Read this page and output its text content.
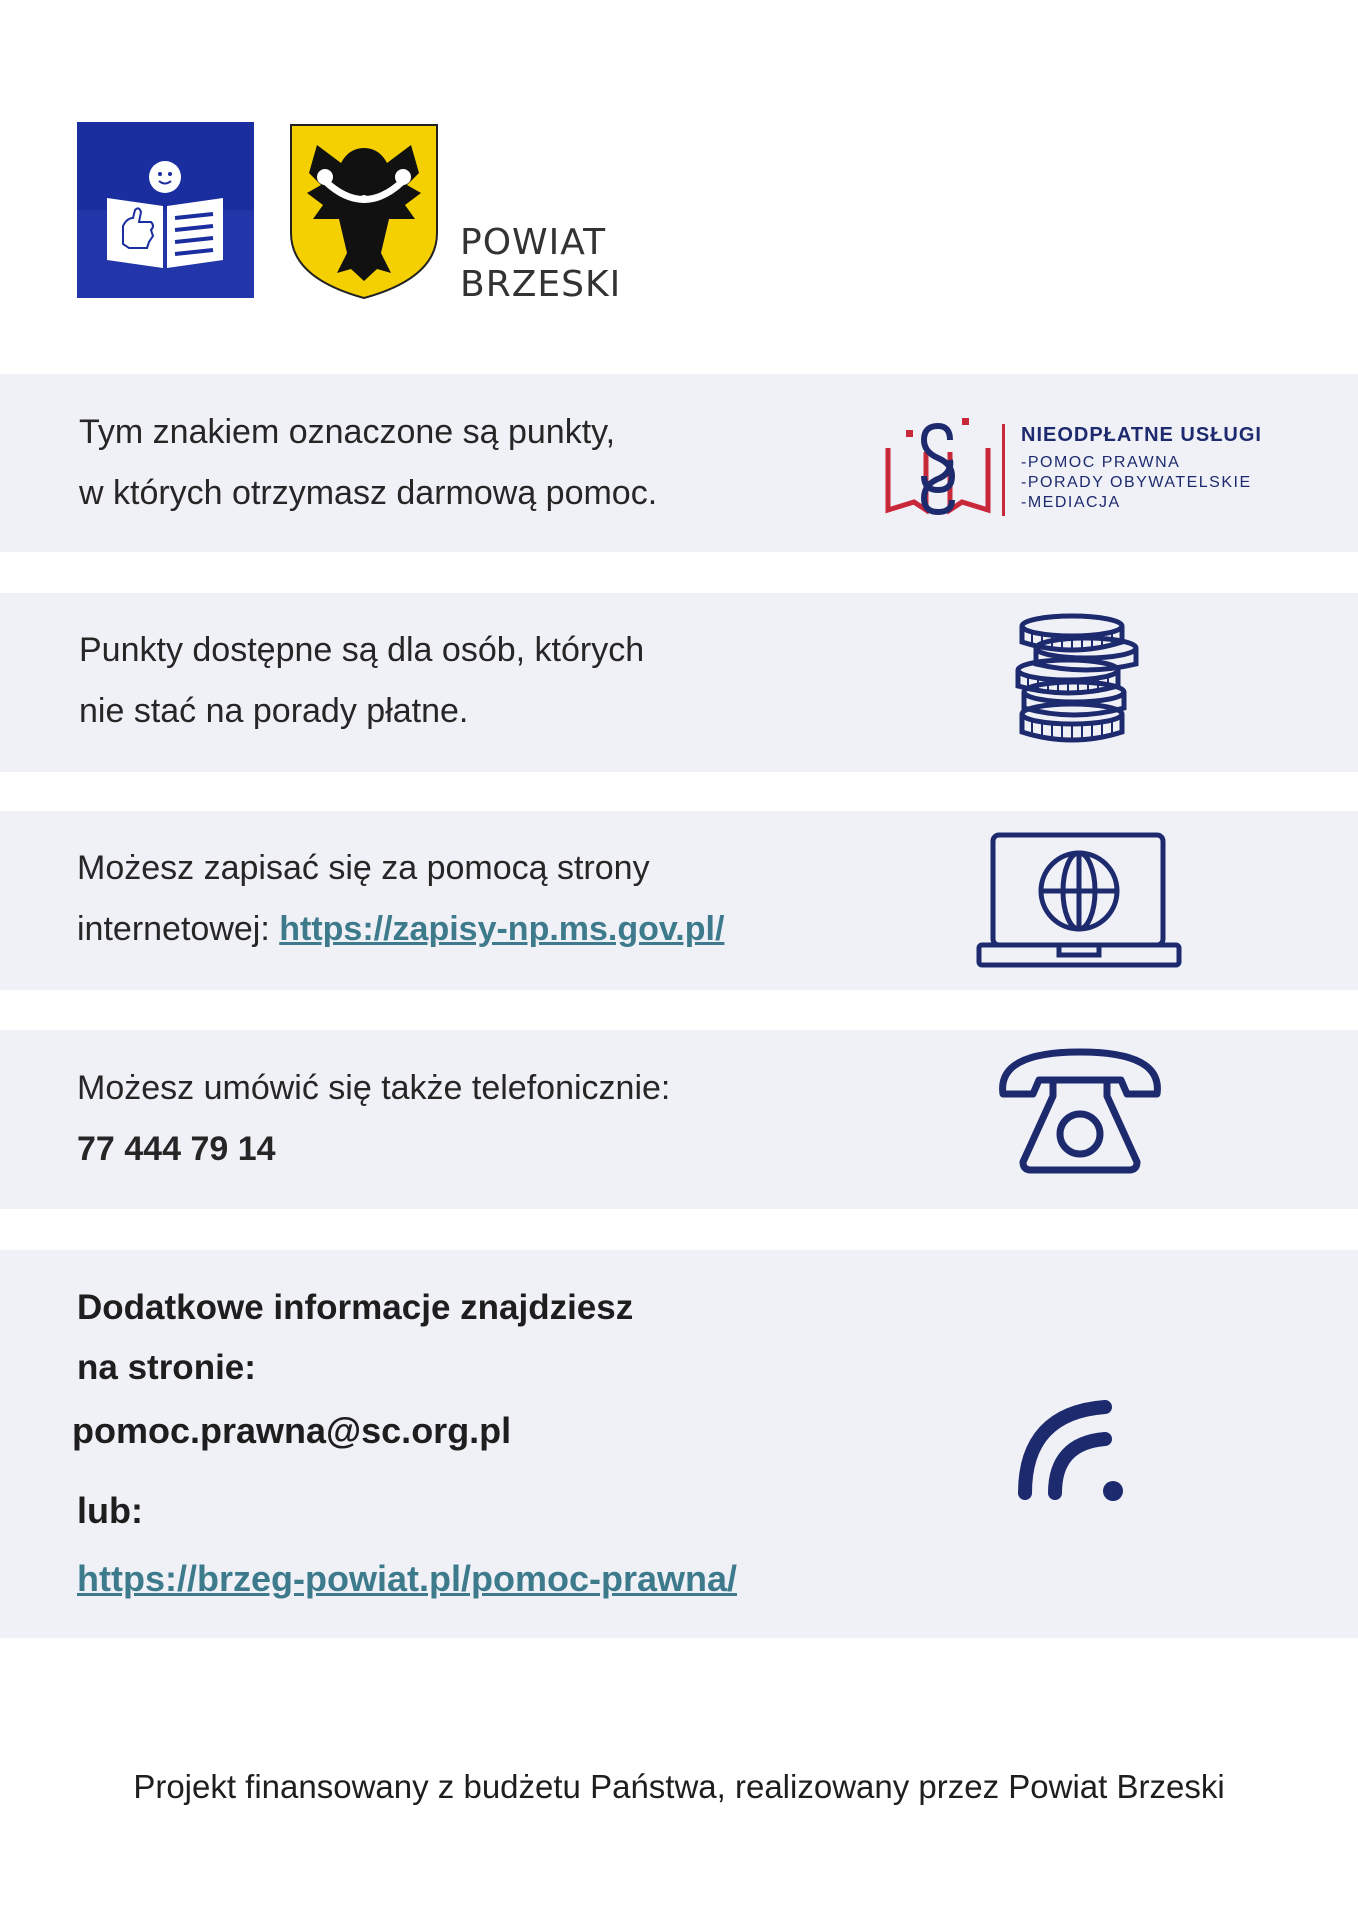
POWIAT
BRZESKI
Tym znakiem oznaczone są punkty,
w których otrzymasz darmową pomoc.
NIEODPŁATNE USŁUGI
-POMOC PRAWNA
-PORADY OBYWATELSKIE
-MEDIACJA
Punkty dostępne są dla osób, których
nie stać na porady płatne.
Możesz zapisać się za pomocą strony
internetowej: https://zapisy-np.ms.gov.pl/
Możesz umówić się także telefonicznie:
77 444 79 14
Dodatkowe informacje znajdziesz
na stronie:
pomoc.prawna@sc.org.pl
lub:
https://brzeg-powiat.pl/pomoc-prawna/
Projekt finansowany z budżetu Państwa, realizowany przez Powiat Brzeski
